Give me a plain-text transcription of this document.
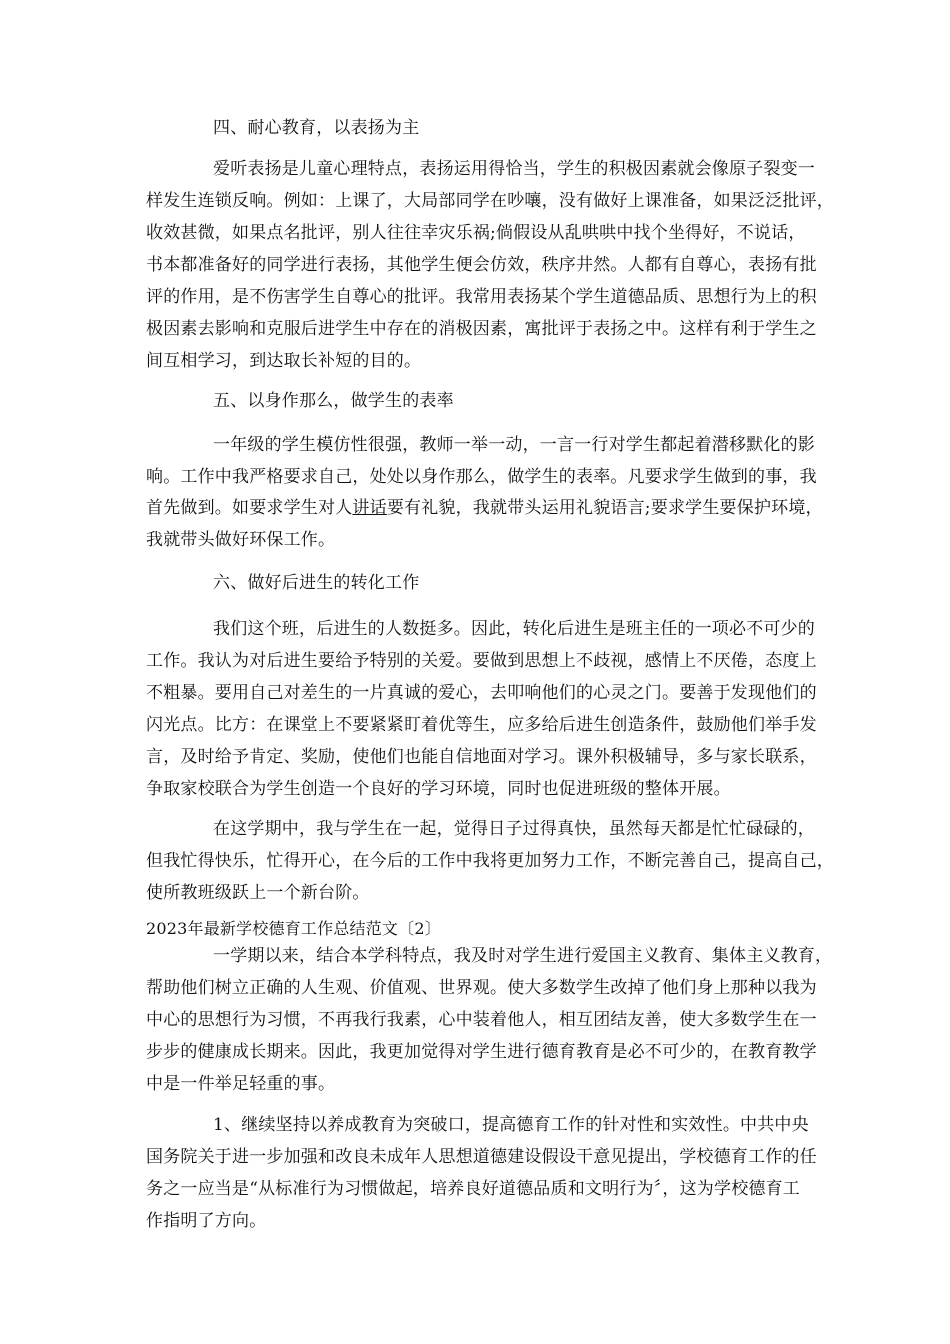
四、耐心教育，以表扬为主
爱听表扬是儿童心理特点，表扬运用得恰当，学生的积极因素就会像原子裂变一
样发生连锁反响。例如：上课了，大局部同学在吵嚷，没有做好上课准备，如果泛泛批评，
收效甚微，如果点名批评，别人往往幸灾乐祸;倘假设从乱哄哄中找个坐得好，不说话，
书本都准备好的同学进行表扬，其他学生便会仿效，秩序井然。人都有自尊心，表扬有批
评的作用，是不伤害学生自尊心的批评。我常用表扬某个学生道德品质、思想行为上的积
极因素去影响和克服后进学生中存在的消极因素，寓批评于表扬之中。这样有利于学生之
间互相学习，到达取长补短的目的。
五、以身作那么，做学生的表率
一年级的学生模仿性很强，教师一举一动，一言一行对学生都起着潜移默化的影
响。工作中我严格要求自己，处处以身作那么，做学生的表率。凡要求学生做到的事，我
首先做到。如要求学生对人讲话要有礼貌，我就带头运用礼貌语言;要求学生要保护环境，
我就带头做好环保工作。
六、做好后进生的转化工作
我们这个班，后进生的人数挺多。因此，转化后进生是班主任的一项必不可少的
工作。我认为对后进生要给予特别的关爱。要做到思想上不歧视，感情上不厌倦，态度上
不粗暴。要用自己对差生的一片真诚的爱心，去叩响他们的心灵之门。要善于发现他们的
闪光点。比方：在课堂上不要紧紧盯着优等生，应多给后进生创造条件，鼓励他们举手发
言，及时给予肯定、奖励，使他们也能自信地面对学习。课外积极辅导，多与家长联系，
争取家校联合为学生创造一个良好的学习环境，同时也促进班级的整体开展。
在这学期中，我与学生在一起，觉得日子过得真快，虽然每天都是忙忙碌碌的，
但我忙得快乐，忙得开心，在今后的工作中我将更加努力工作，不断完善自己，提高自己，
使所教班级跃上一个新台阶。
2023年最新学校德育工作总结范文〔2〕
一学期以来，结合本学科特点，我及时对学生进行爱国主义教育、集体主义教育，
帮助他们树立正确的人生观、价值观、世界观。使大多数学生改掉了他们身上那种以我为
中心的思想行为习惯，不再我行我素，心中装着他人，相互团结友善，使大多数学生在一
步步的健康成长期来。因此，我更加觉得对学生进行德育教育是必不可少的，在教育教学
中是一件举足轻重的事。
1、继续坚持以养成教育为突破口，提高德育工作的针对性和实效性。中共中央
国务院关于进一步加强和改良未成年人思想道德建设假设干意见提出，学校德育工作的任
务之一应当是“从标准行为习惯做起，培养良好道德品质和文明行为〞，这为学校德育工
作指明了方向。
